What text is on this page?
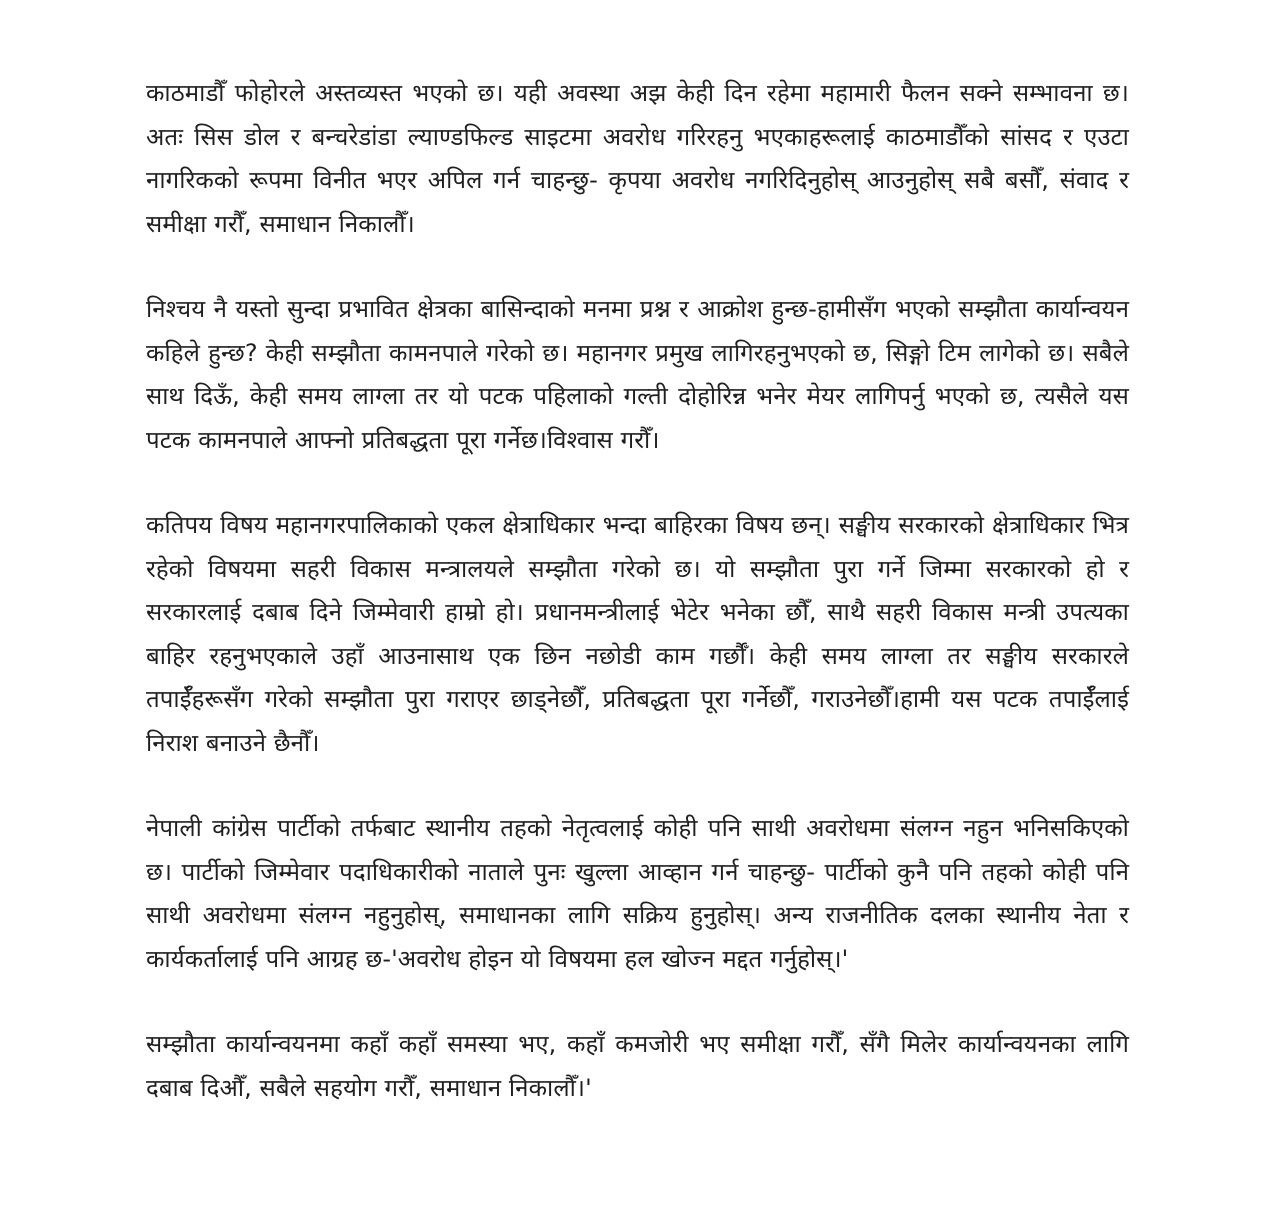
काठमाडौँ फोहोरले अस्तव्यस्त भएको छ। यही अवस्था अझ केही दिन रहेमा महामारी फैलन सक्ने सम्भावना छ। अतः सिस डोल र बन्चरेडांडा ल्याण्डफिल्ड साइटमा अवरोध गरिरहनु भएकाहरूलाई काठमाडौँको सांसद र एउटा नागरिकको रूपमा विनीत भएर अपिल गर्न चाहन्छु- कृपया अवरोध नगरिदिनुहोस् आउनुहोस् सबै बसौँ, संवाद र समीक्षा गरौँ, समाधान निकालौँ।

निश्चय नै यस्तो सुन्दा प्रभावित क्षेत्रका बासिन्दाको मनमा प्रश्न र आक्रोश हुन्छ-हामीसँग भएको सम्झौता कार्यान्वयन कहिले हुन्छ? केही सम्झौता कामनपाले गरेको छ। महानगर प्रमुख लागिरहनुभएको छ, सिङ्गो टिम लागेको छ। सबैले साथ दिऊँ, केही समय लाग्ला तर यो पटक पहिलाको गल्ती दोहोरिन्न भनेर मेयर लागिपर्नु भएको छ, त्यसैले यस पटक कामनपाले आफ्नो प्रतिबद्धता पूरा गर्नेछ।विश्वास गरौँ।

कतिपय विषय महानगरपालिकाको एकल क्षेत्राधिकार भन्दा बाहिरका विषय छन्। सङ्घीय सरकारको क्षेत्राधिकार भित्र रहेको विषयमा सहरी विकास मन्त्रालयले सम्झौता गरेको छ। यो सम्झौता पुरा गर्ने जिम्मा सरकारको हो र सरकारलाई दबाब दिने जिम्मेवारी हाम्रो हो। प्रधानमन्त्रीलाई भेटेर भनेका छौँ, साथै सहरी विकास मन्त्री उपत्यका बाहिर रहनुभएकाले उहाँ आउनासाथ एक छिन नछोडी काम गर्छौँ। केही समय लाग्ला तर सङ्घीय सरकारले तपाईँहरूसँग गरेको सम्झौता पुरा गराएर छाड्नेछौँ, प्रतिबद्धता पूरा गर्नेछौँ, गराउनेछौँ।हामी यस पटक तपाईँलाई निराश बनाउने छैनौँ।

नेपाली कांग्रेस पार्टीको तर्फबाट स्थानीय तहको नेतृत्वलाई कोही पनि साथी अवरोधमा संलग्न नहुन भनिसकिएको छ। पार्टीको जिम्मेवार पदाधिकारीको नाताले पुनः खुल्ला आव्हान गर्न चाहन्छु- पार्टीको कुनै पनि तहको कोही पनि साथी अवरोधमा संलग्न नहुनुहोस्, समाधानका लागि सक्रिय हुनुहोस्। अन्य राजनीतिक दलका स्थानीय नेता र कार्यकर्तालाई पनि आग्रह छ-'अवरोध होइन यो विषयमा हल खोज्न मद्दत गर्नुहोस्।'

सम्झौता कार्यान्वयनमा कहाँ कहाँ समस्या भए, कहाँ कमजोरी भए समीक्षा गरौँ, सँगै मिलेर कार्यान्वयनका लागि दबाब दिऔँ, सबैले सहयोग गरौँ, समाधान निकालौँ।'
